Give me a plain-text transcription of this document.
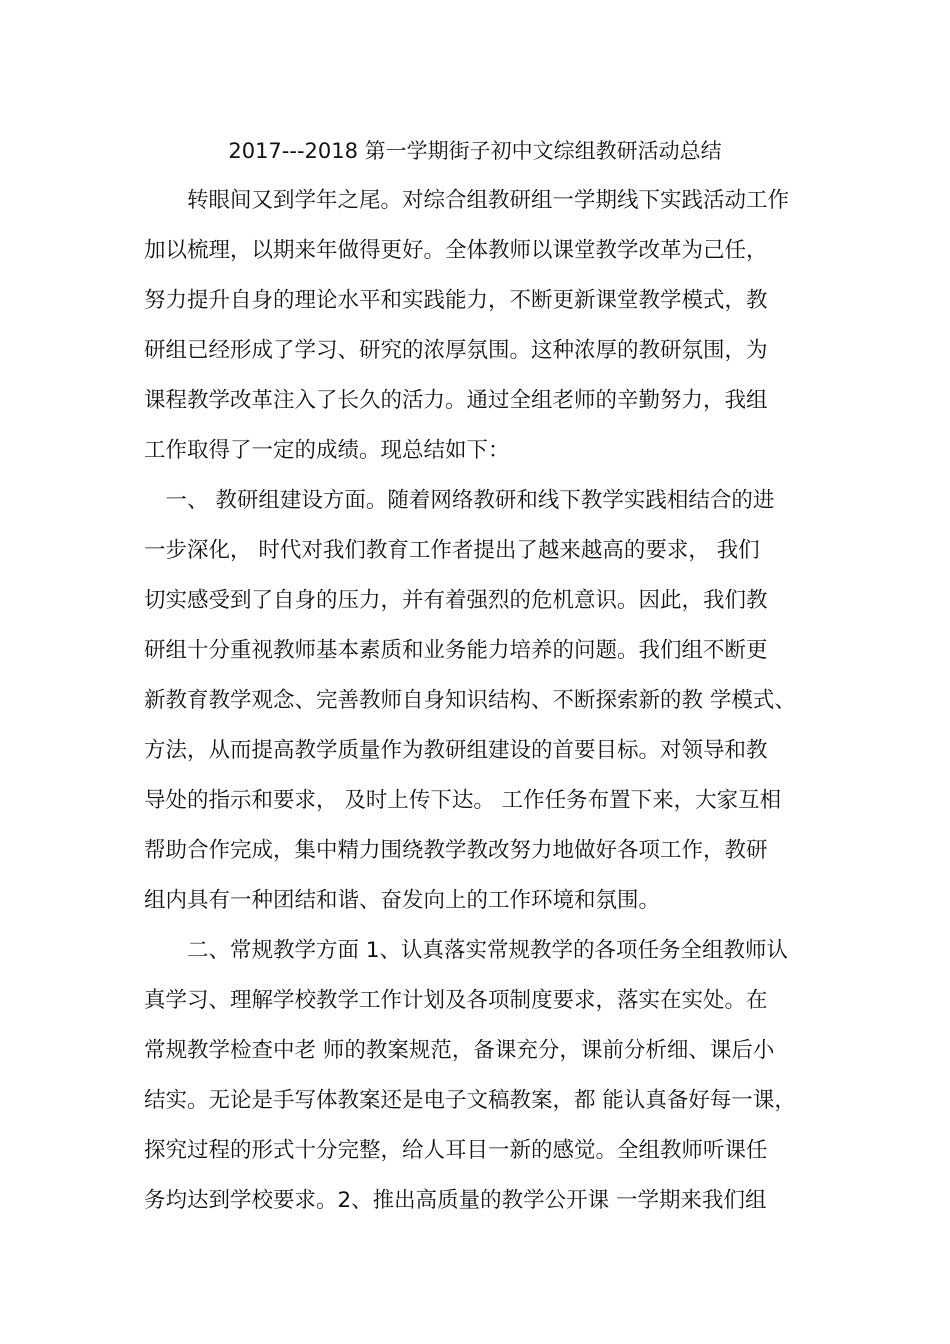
2017---2018 第一学期街子初中文综组教研活动总结
　　转眼间又到学年之尾。对综合组教研组一学期线下实践活动工作
加以梳理，以期来年做得更好。全体教师以课堂教学改革为己任，
努力提升自身的理论水平和实践能力，不断更新课堂教学模式，教
研组已经形成了学习、研究的浓厚氛围。这种浓厚的教研氛围，为
课程教学改革注入了长久的活力。通过全组老师的辛勤努力，我组
工作取得了一定的成绩。现总结如下：
　一、 教研组建设方面。随着网络教研和线下教学实践相结合的进
一步深化， 时代对我们教育工作者提出了越来越高的要求， 我们
切实感受到了自身的压力，并有着强烈的危机意识。因此，我们教
研组十分重视教师基本素质和业务能力培养的问题。我们组不断更
新教育教学观念、完善教师自身知识结构、不断探索新的教 学模式、
方法，从而提高教学质量作为教研组建设的首要目标。对领导和教
导处的指示和要求， 及时上传下达。 工作任务布置下来，大家互相
帮助合作完成，集中精力围绕教学教改努力地做好各项工作，教研
组内具有一种团结和谐、奋发向上的工作环境和氛围。
　　二、常规教学方面 1、认真落实常规教学的各项任务全组教师认
真学习、理解学校教学工作计划及各项制度要求，落实在实处。在
常规教学检查中老 师的教案规范，备课充分，课前分析细、课后小
结实。无论是手写体教案还是电子文稿教案，都 能认真备好每一课，
探究过程的形式十分完整，给人耳目一新的感觉。全组教师听课任
务均达到学校要求。2、推出高质量的教学公开课 一学期来我们组
